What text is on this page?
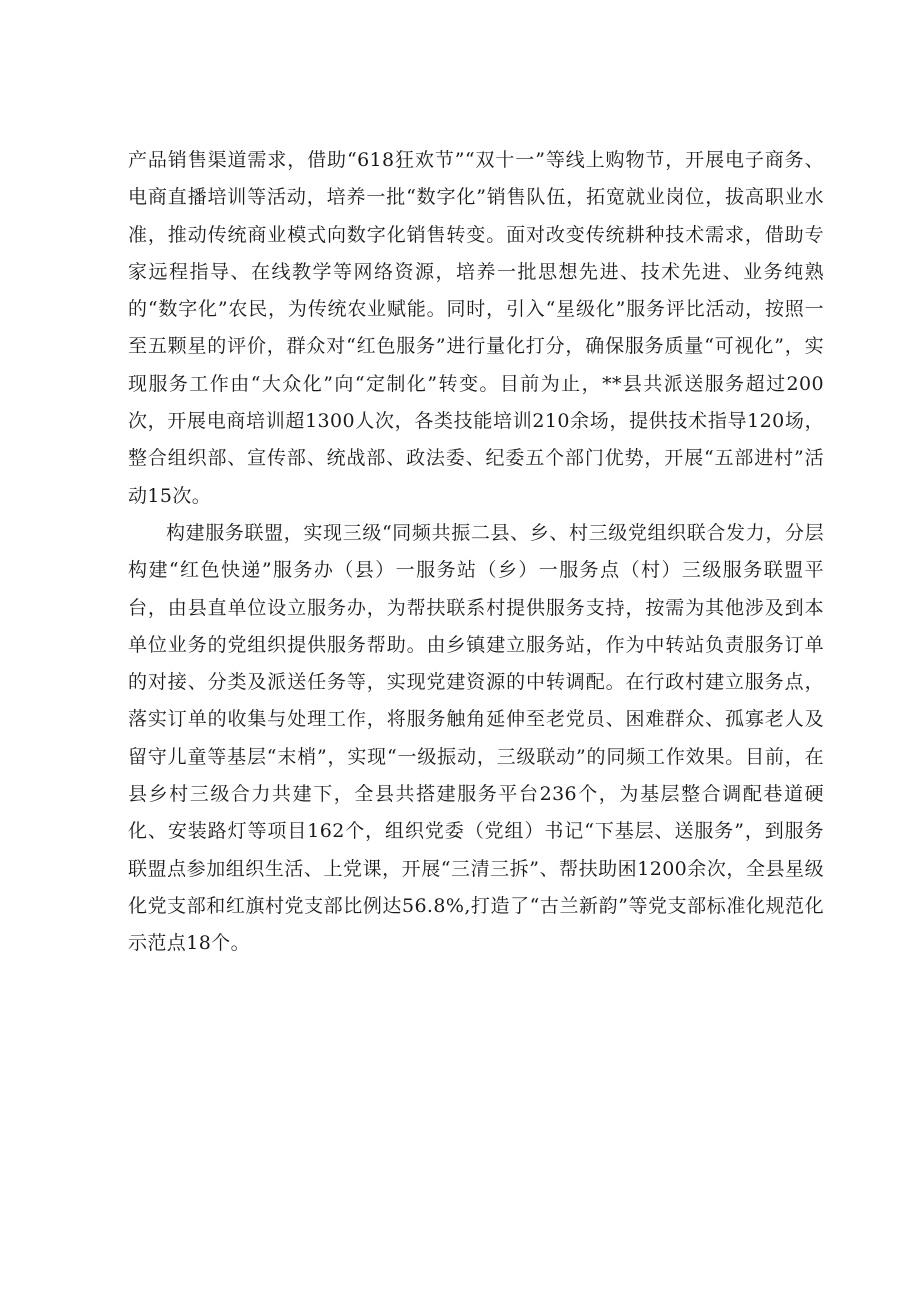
产品销售渠道需求，借助“618狂欢节”“双十一”等线上购物节，开展电子商务、电商直播培训等活动，培养一批“数字化”销售队伍，拓宽就业岗位，拔高职业水准，推动传统商业模式向数字化销售转变。面对改变传统耕种技术需求，借助专家远程指导、在线教学等网络资源，培养一批思想先进、技术先进、业务纯熟的“数字化”农民，为传统农业赋能。同时，引入“星级化”服务评比活动，按照一至五颗星的评价，群众对“红色服务”进行量化打分，确保服务质量“可视化”，实现服务工作由“大众化”向“定制化”转变。目前为止，**县共派送服务超过200次，开展电商培训超1300人次，各类技能培训210余场，提供技术指导120场，整合组织部、宣传部、统战部、政法委、纪委五个部门优势，开展“五部进村”活动15次。

构建服务联盟，实现三级“同频共振二县、乡、村三级党组织联合发力，分层构建“红色快递”服务办（县）一服务站（乡）一服务点（村）三级服务联盟平台，由县直单位设立服务办，为帮扶联系村提供服务支持，按需为其他涉及到本单位业务的党组织提供服务帮助。由乡镇建立服务站，作为中转站负责服务订单的对接、分类及派送任务等，实现党建资源的中转调配。在行政村建立服务点，落实订单的收集与处理工作，将服务触角延伸至老党员、困难群众、孤寡老人及留守儿童等基层“末梢”，实现“一级振动，三级联动”的同频工作效果。目前，在县乡村三级合力共建下，全县共搭建服务平台236个，为基层整合调配巷道硬化、安装路灯等项目162个，组织党委（党组）书记“下基层、送服务”，到服务联盟点参加组织生活、上党课，开展“三清三拆”、帮扶助困1200余次，全县星级化党支部和红旗村党支部比例达56.8%,打造了“古兰新韵”等党支部标准化规范化示范点18个。
